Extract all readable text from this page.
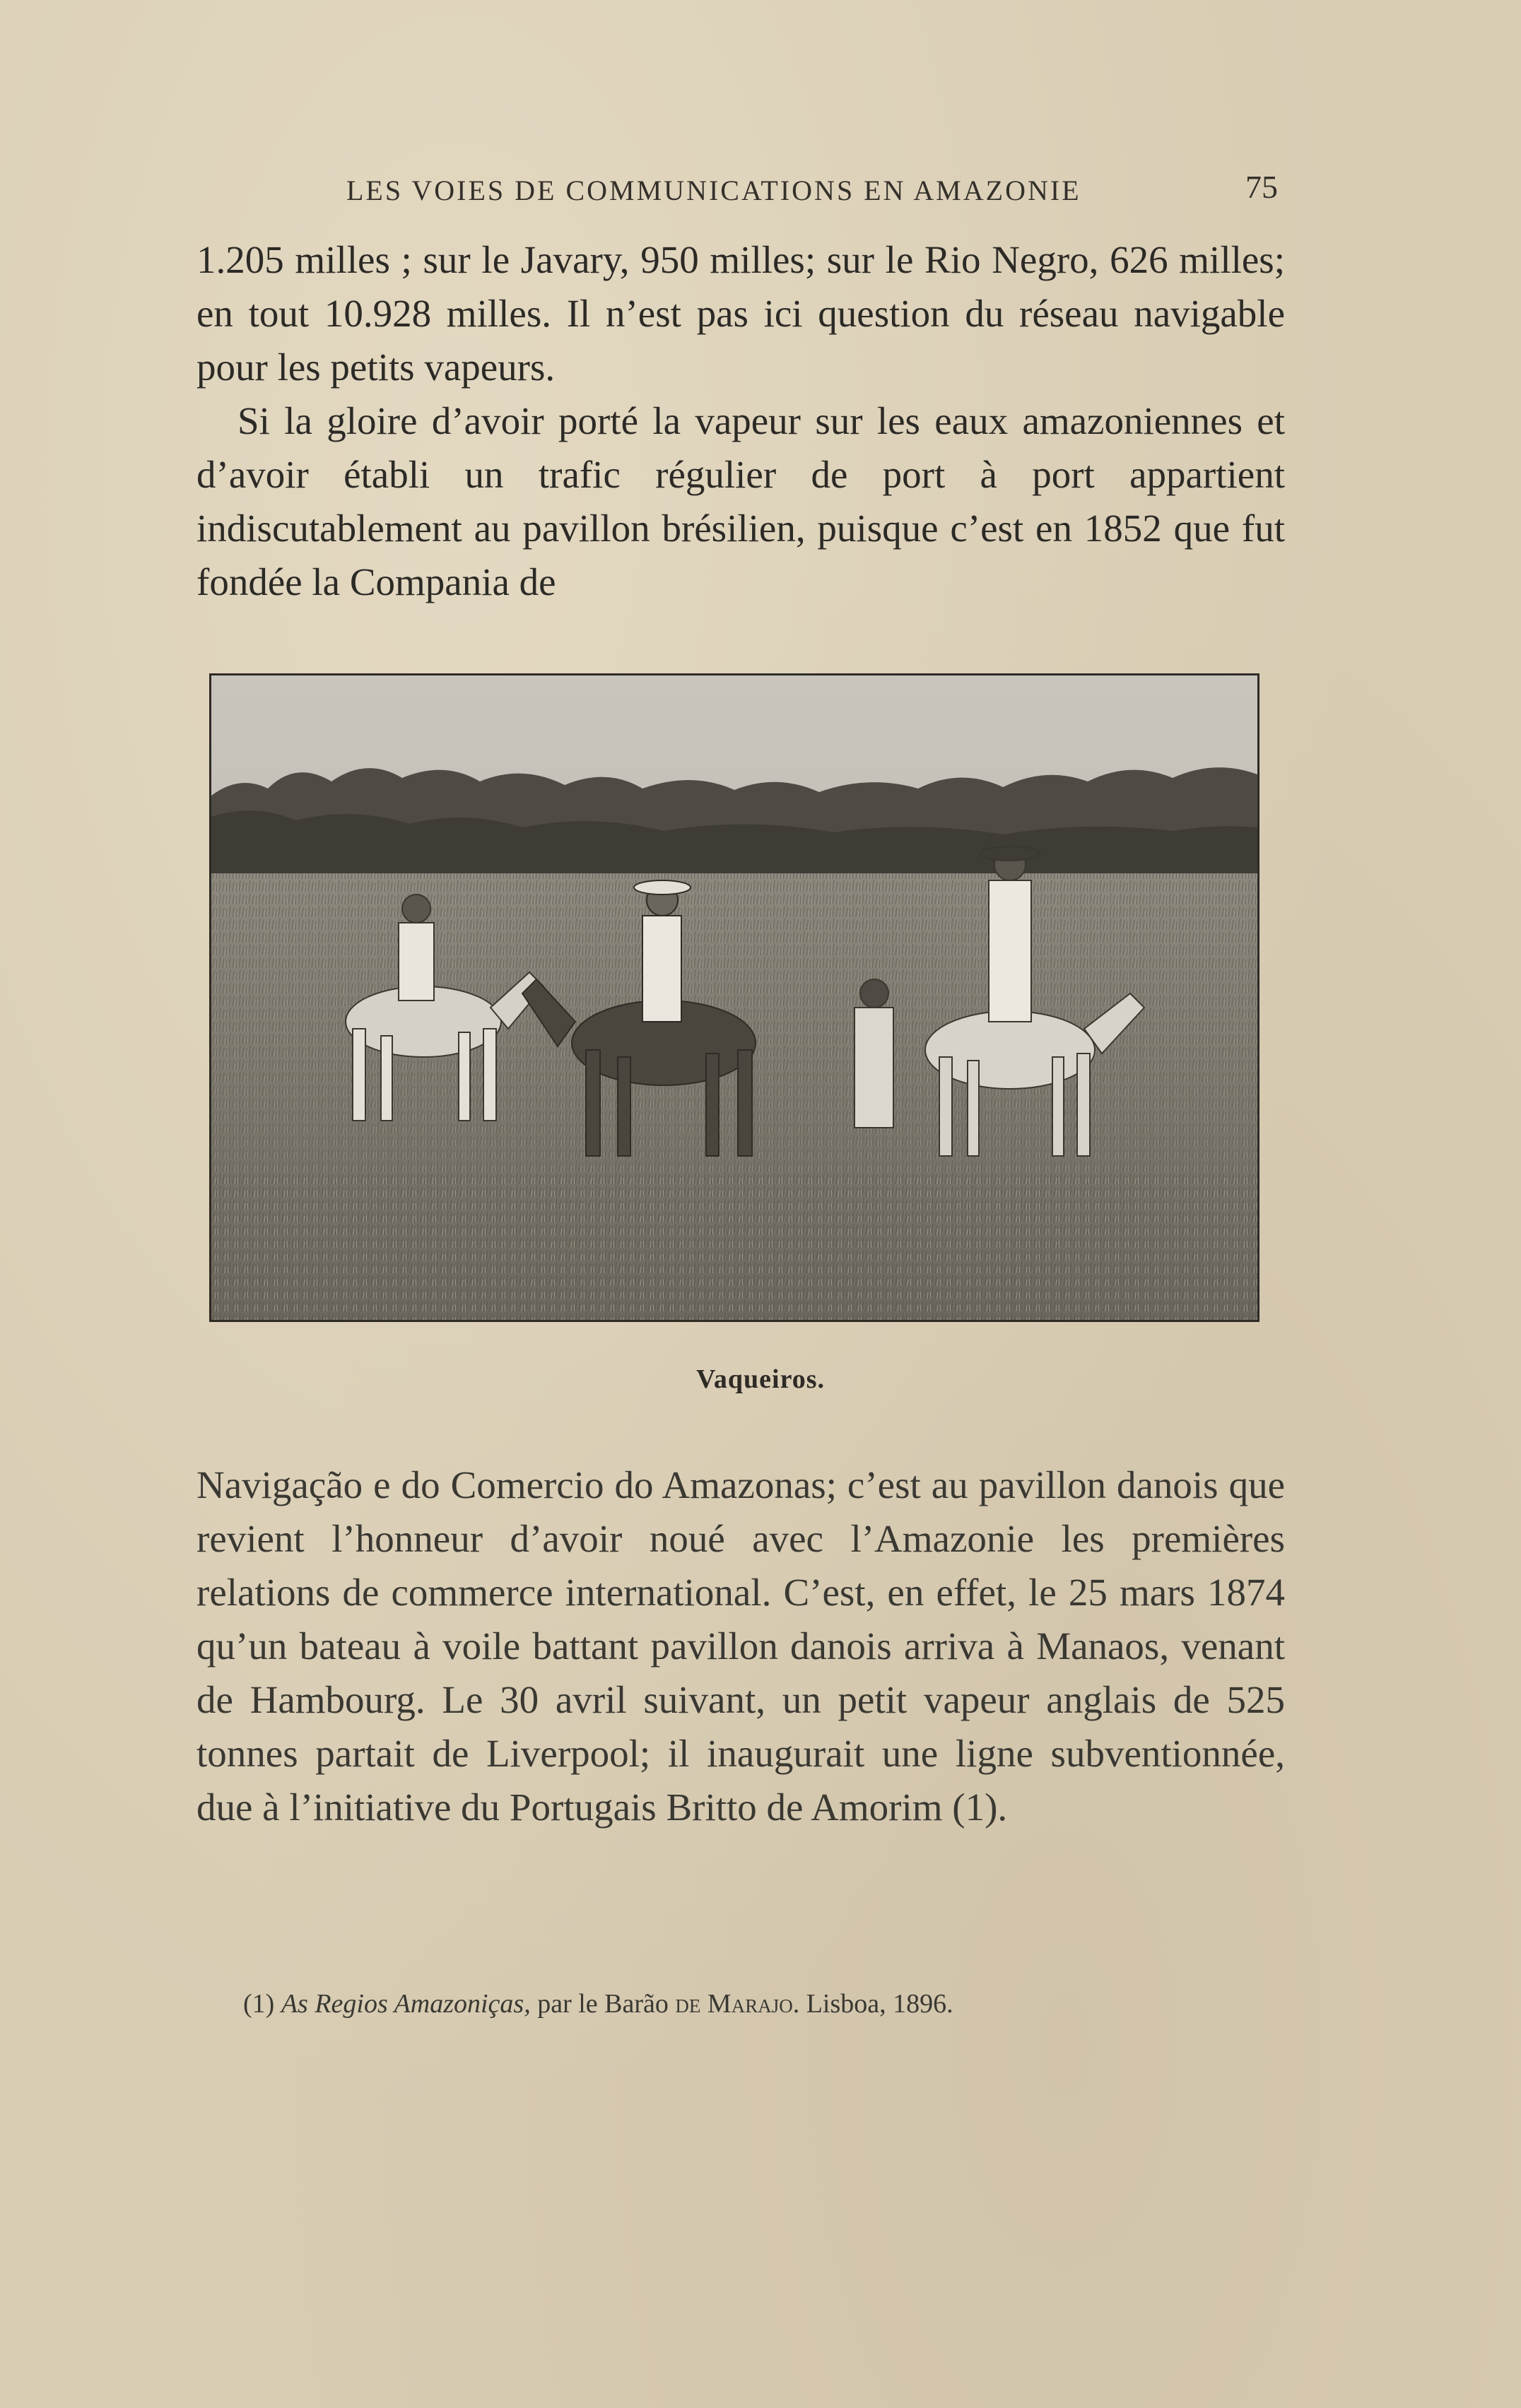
LES VOIES DE COMMUNICATIONS EN AMAZONIE	75

1.205 milles ; sur le Javary, 950 milles; sur le Rio Negro, 626 milles; en tout 10.928 milles. Il n’est pas ici question du réseau navigable pour les petits vapeurs.

Si la gloire d’avoir porté la vapeur sur les eaux amazoniennes et d’avoir établi un trafic régulier de port à port appartient indiscutablement au pavillon brésilien, puisque c’est en 1852 que fut fondée la Compania de

Vaqueiros.

Navigação e do Comercio do Amazonas; c’est au pavillon danois que revient l’honneur d’avoir noué avec l’Amazonie les premières relations de commerce international. C’est, en effet, le 25 mars 1874 qu’un bateau à voile battant pavillon danois arriva à Manaos, venant de Hambourg. Le 30 avril suivant, un petit vapeur anglais de 525 tonnes partait de Liverpool; il inaugurait une ligne subventionnée, due à l’initiative du Portugais Britto de Amorim (1).

(1) As Regios Amazoniças, par le Barão de Marajo. Lisboa, 1896.
